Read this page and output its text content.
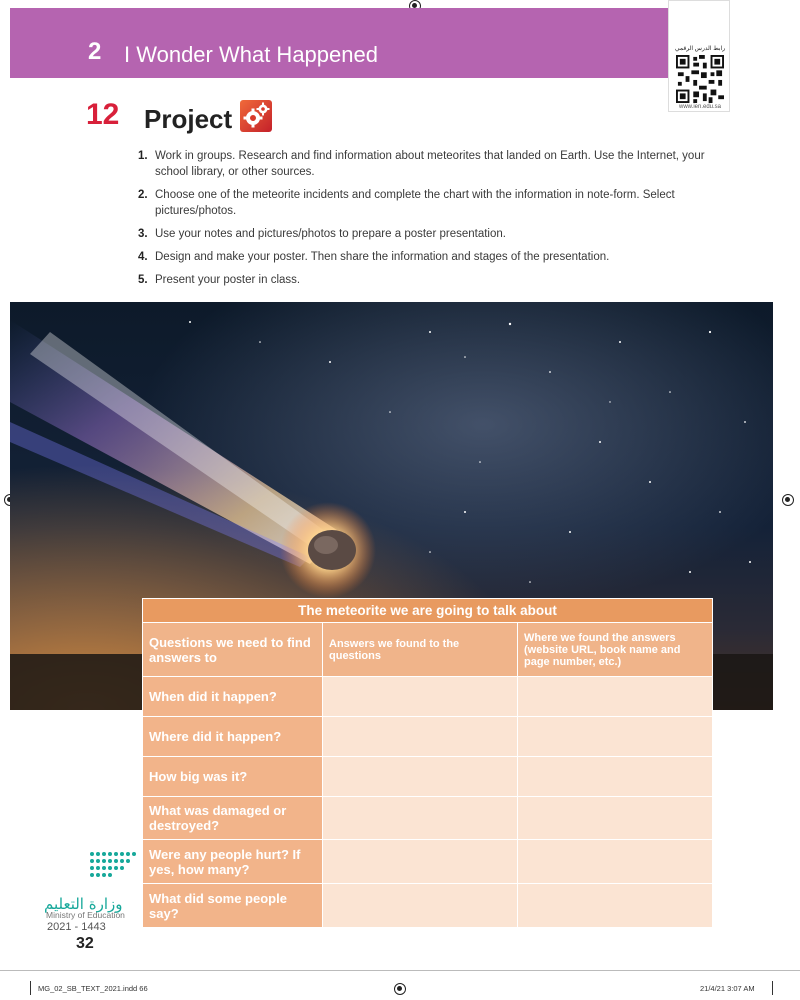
2 I Wonder What Happened	رابط الدرس الرقمي
www.ien.edu.sa
12 Project
1. Work in groups. Research and find information about meteorites that landed on Earth. Use the Internet, your school library, or other sources.
2. Choose one of the meteorite incidents and complete the chart with the information in note-form. Select pictures/photos.
3. Use your notes and pictures/photos to prepare a poster presentation.
4. Design and make your poster. Then share the information and stages of the presentation.
5. Present your poster in class.
The meteorite we are going to talk about		
Questions we need to find answers to	Answers we found to the questions	Where we found the answers (website URL, book name and page number, etc.)
When did it happen?		
Where did it happen?		
How big was it?		
What was damaged or destroyed?		
Were any people hurt? If yes, how many?		
What did some people say?		
وزارة التعليم
Ministry of Education
2021 - 1443
32
MG_02_SB_TEXT_2021.indd 66	21/4/21 3:07 AM
